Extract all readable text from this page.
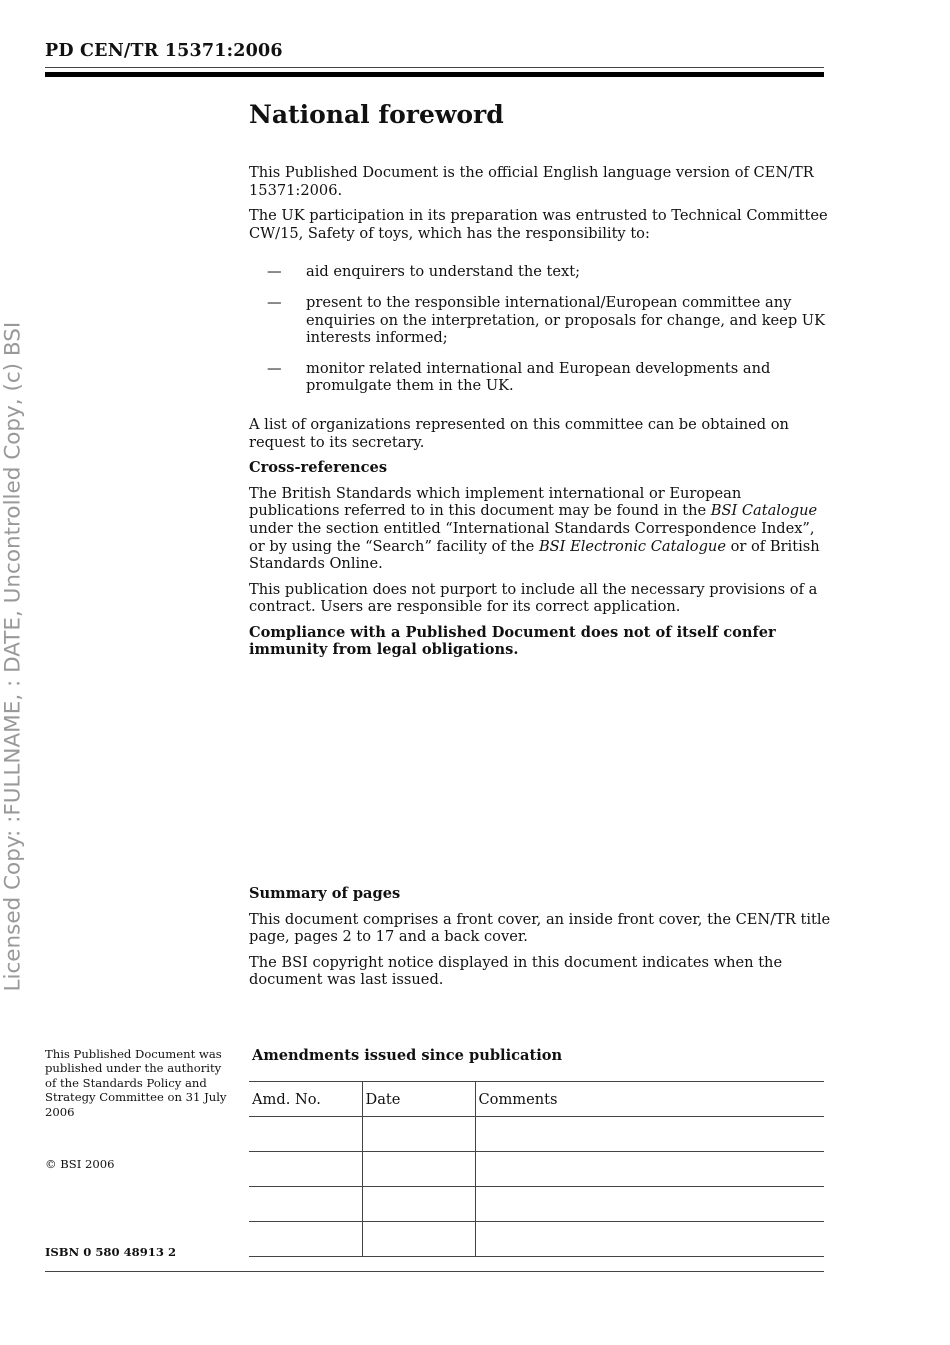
PD CEN/TR 15371:2006
National foreword

This Published Document is the official English language version of CEN/TR 15371:2006.

The UK participation in its preparation was entrusted to Technical Committee CW/15, Safety of toys, which has the responsibility to:

— aid enquirers to understand the text;
— present to the responsible international/European committee any enquiries on the interpretation, or proposals for change, and keep UK interests informed;
— monitor related international and European developments and promulgate them in the UK.

A list of organizations represented on this committee can be obtained on request to its secretary.

Cross-references

The British Standards which implement international or European publications referred to in this document may be found in the BSI Catalogue under the section entitled “International Standards Correspondence Index”, or by using the “Search” facility of the BSI Electronic Catalogue or of British Standards Online.

This publication does not purport to include all the necessary provisions of a contract. Users are responsible for its correct application.

Compliance with a Published Document does not of itself confer immunity from legal obligations.

Summary of pages

This document comprises a front cover, an inside front cover, the CEN/TR title page, pages 2 to 17 and a back cover.

The BSI copyright notice displayed in this document indicates when the document was last issued.

Licensed Copy: :FULLNAME, : DATE, Uncontrolled Copy, (c) BSI
This Published Document was published under the authority of the Standards Policy and Strategy Committee on 31 July 2006
© BSI 2006
ISBN 0 580 48913 2
Amendments issued since publication
Amd. No.	Date	Comments
